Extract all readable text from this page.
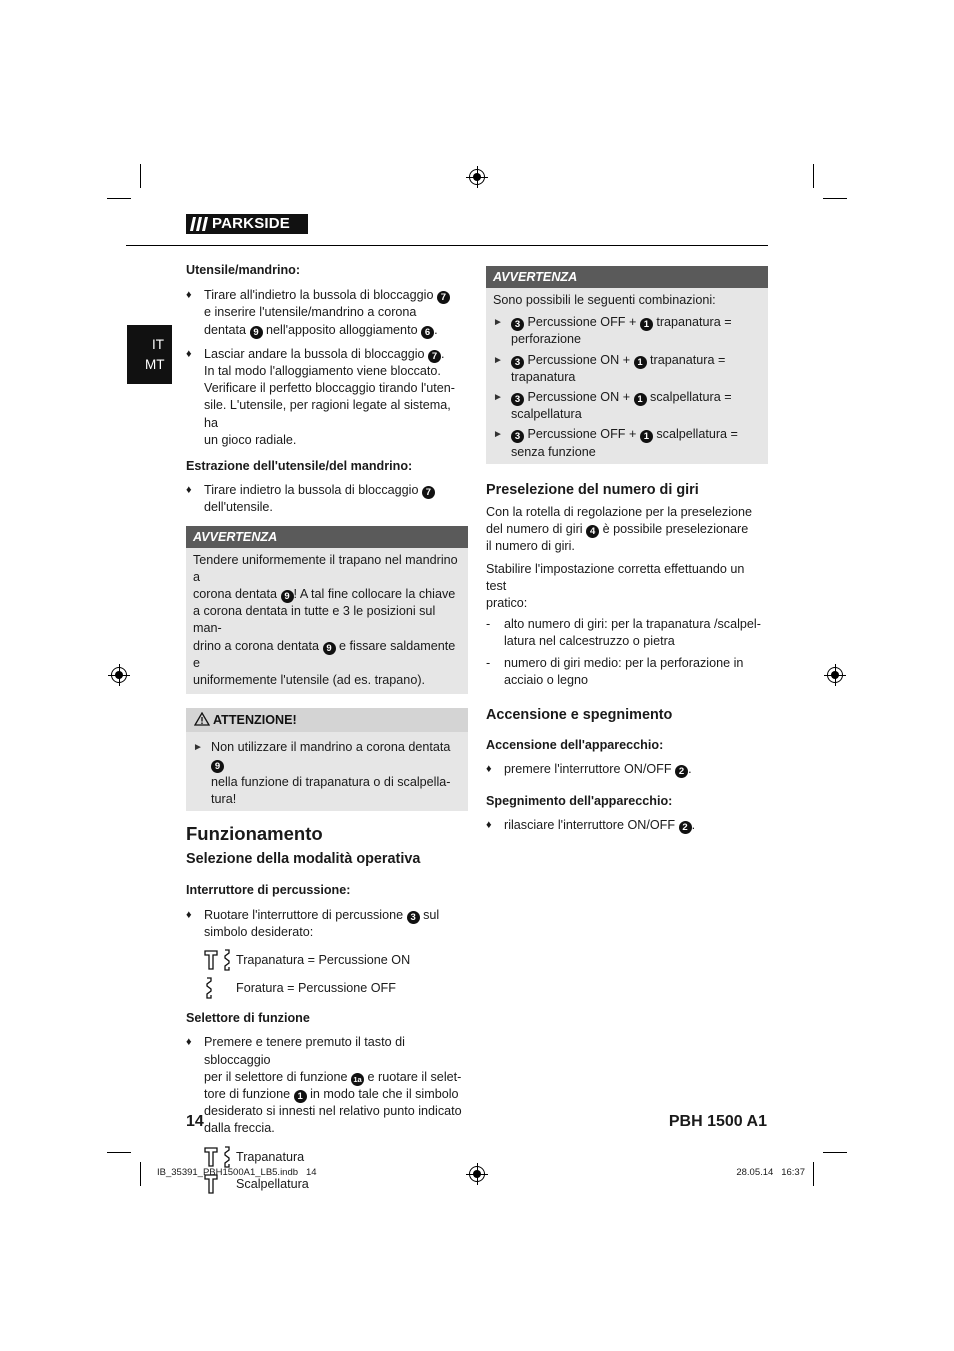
PARKSIDE
IT
MT
Utensile/mandrino:
♦ Tirare all'indietro la bussola di bloccaggio 7
e inserire l'utensile/mandrino a corona
dentata 9 nell'apposito alloggiamento 6 .
♦ Lasciar andare la bussola di bloccaggio 7 .
In tal modo l'alloggiamento viene bloccato.
Verificare il perfetto bloccaggio tirando l'uten-
sile. L'utensile, per ragioni legate al sistema, ha
un gioco radiale.
Estrazione dell'utensile/del mandrino:
♦ Tirare indietro la bussola di bloccaggio 7
dell'utensile.
AVVERTENZA
Tendere uniformemente il trapano nel mandrino a
corona dentata 9 ! A tal fine collocare la chiave
a corona dentata in tutte e 3 le posizioni sul man-
drino a corona dentata 9 e fissare saldamente e
uniformemente l'utensile (ad es. trapano).
ATTENZIONE!
► Non utilizzare il mandrino a corona dentata 9
nella funzione di trapanatura o di scalpella-
tura!
Funzionamento
Selezione della modalità operativa
Interruttore di percussione:
♦ Ruotare l'interruttore di percussione 3 sul
simbolo desiderato:
Trapanatura = Percussione ON
Foratura = Percussione OFF
Selettore di funzione
♦ Premere e tenere premuto il tasto di sbloccaggio
per il selettore di funzione 1a e ruotare il selet-
tore di funzione 1 in modo tale che il simbolo
desiderato si innesti nel relativo punto indicato
dalla freccia.
Trapanatura
Scalpellatura
AVVERTENZA
Sono possibili le seguenti combinazioni:
► 3 Percussione OFF + 1 trapanatura =
perforazione
► 3 Percussione ON + 1 trapanatura =
trapanatura
► 3 Percussione ON + 1 scalpellatura =
scalpellatura
► 3 Percussione OFF + 1 scalpellatura =
senza funzione
Preselezione del numero di giri
Con la rotella di regolazione per la preselezione
del numero di giri 4 è possibile preselezionare
il numero di giri.
Stabilire l'impostazione corretta effettuando un test
pratico:
- alto numero di giri: per la trapanatura /scalpel-
latura nel calcestruzzo o pietra
- numero di giri medio: per la perforazione in
acciaio o legno
Accensione e spegnimento
Accensione dell'apparecchio:
♦ premere l'interruttore ON/OFF 2 .
Spegnimento dell'apparecchio:
♦ rilasciare l'interruttore ON/OFF 2 .
14	PBH 1500 A1
IB_35391_PBH1500A1_LB5.indb   14	28.05.14   16:37
